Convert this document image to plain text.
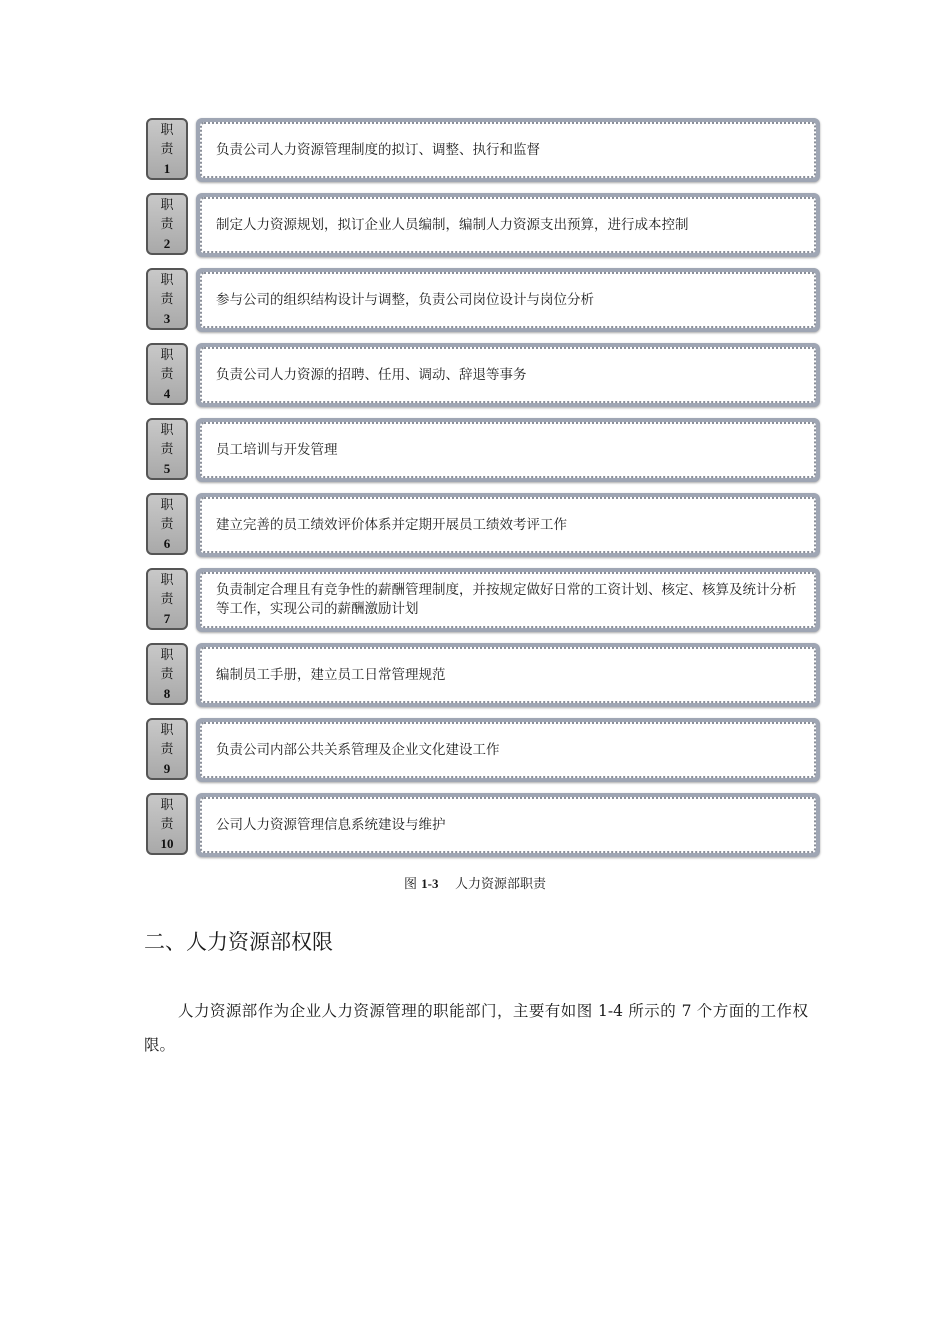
职
责
1
负责公司人力资源管理制度的拟订、调整、执行和监督
职
责
2
制定人力资源规划，拟订企业人员编制，编制人力资源支出预算，进行成本控制
职
责
3
参与公司的组织结构设计与调整，负责公司岗位设计与岗位分析
职
责
4
负责公司人力资源的招聘、任用、调动、辞退等事务
职
责
5
员工培训与开发管理
职
责
6
建立完善的员工绩效评价体系并定期开展员工绩效考评工作
职
责
7
负责制定合理且有竞争性的薪酬管理制度，并按规定做好日常的工资计划、核定、核算及统计分析等工作，实现公司的薪酬激励计划
职
责
8
编制员工手册，建立员工日常管理规范
职
责
9
负责公司内部公共关系管理及企业文化建设工作
职
责
10
公司人力资源管理信息系统建设与维护
图 1-3 人力资源部职责
二、人力资源部权限

人力资源部作为企业人力资源管理的职能部门，主要有如图 1-4 所示的 7 个方面的工作权限。
